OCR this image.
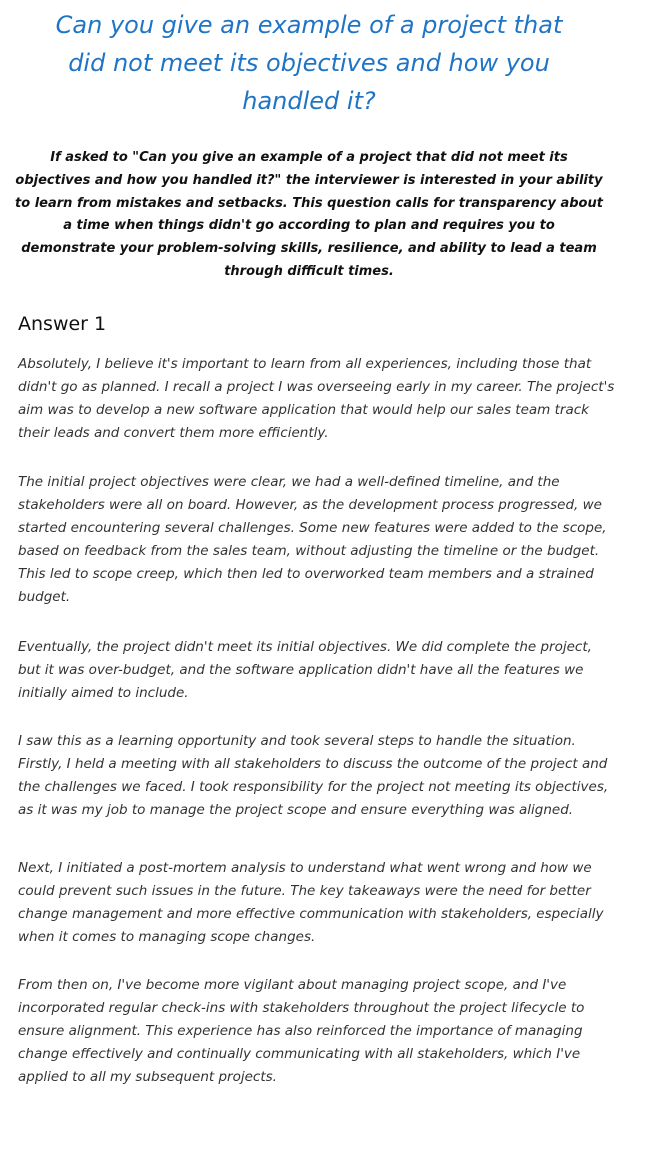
Can you give an example of a project that did not meet its objectives and how you handled it?

If asked to "Can you give an example of a project that did not meet its objectives and how you handled it?" the interviewer is interested in your ability to learn from mistakes and setbacks. This question calls for transparency about a time when things didn't go according to plan and requires you to demonstrate your problem-solving skills, resilience, and ability to lead a team through difficult times.

Answer 1

Absolutely, I believe it's important to learn from all experiences, including those that didn't go as planned. I recall a project I was overseeing early in my career. The project's aim was to develop a new software application that would help our sales team track their leads and convert them more efficiently.

The initial project objectives were clear, we had a well-defined timeline, and the stakeholders were all on board. However, as the development process progressed, we started encountering several challenges. Some new features were added to the scope, based on feedback from the sales team, without adjusting the timeline or the budget. This led to scope creep, which then led to overworked team members and a strained budget.

Eventually, the project didn't meet its initial objectives. We did complete the project, but it was over-budget, and the software application didn't have all the features we initially aimed to include.

I saw this as a learning opportunity and took several steps to handle the situation. Firstly, I held a meeting with all stakeholders to discuss the outcome of the project and the challenges we faced. I took responsibility for the project not meeting its objectives, as it was my job to manage the project scope and ensure everything was aligned.

Next, I initiated a post-mortem analysis to understand what went wrong and how we could prevent such issues in the future. The key takeaways were the need for better change management and more effective communication with stakeholders, especially when it comes to managing scope changes.

From then on, I've become more vigilant about managing project scope, and I've incorporated regular check-ins with stakeholders throughout the project lifecycle to ensure alignment. This experience has also reinforced the importance of managing change effectively and continually communicating with all stakeholders, which I've applied to all my subsequent projects.
